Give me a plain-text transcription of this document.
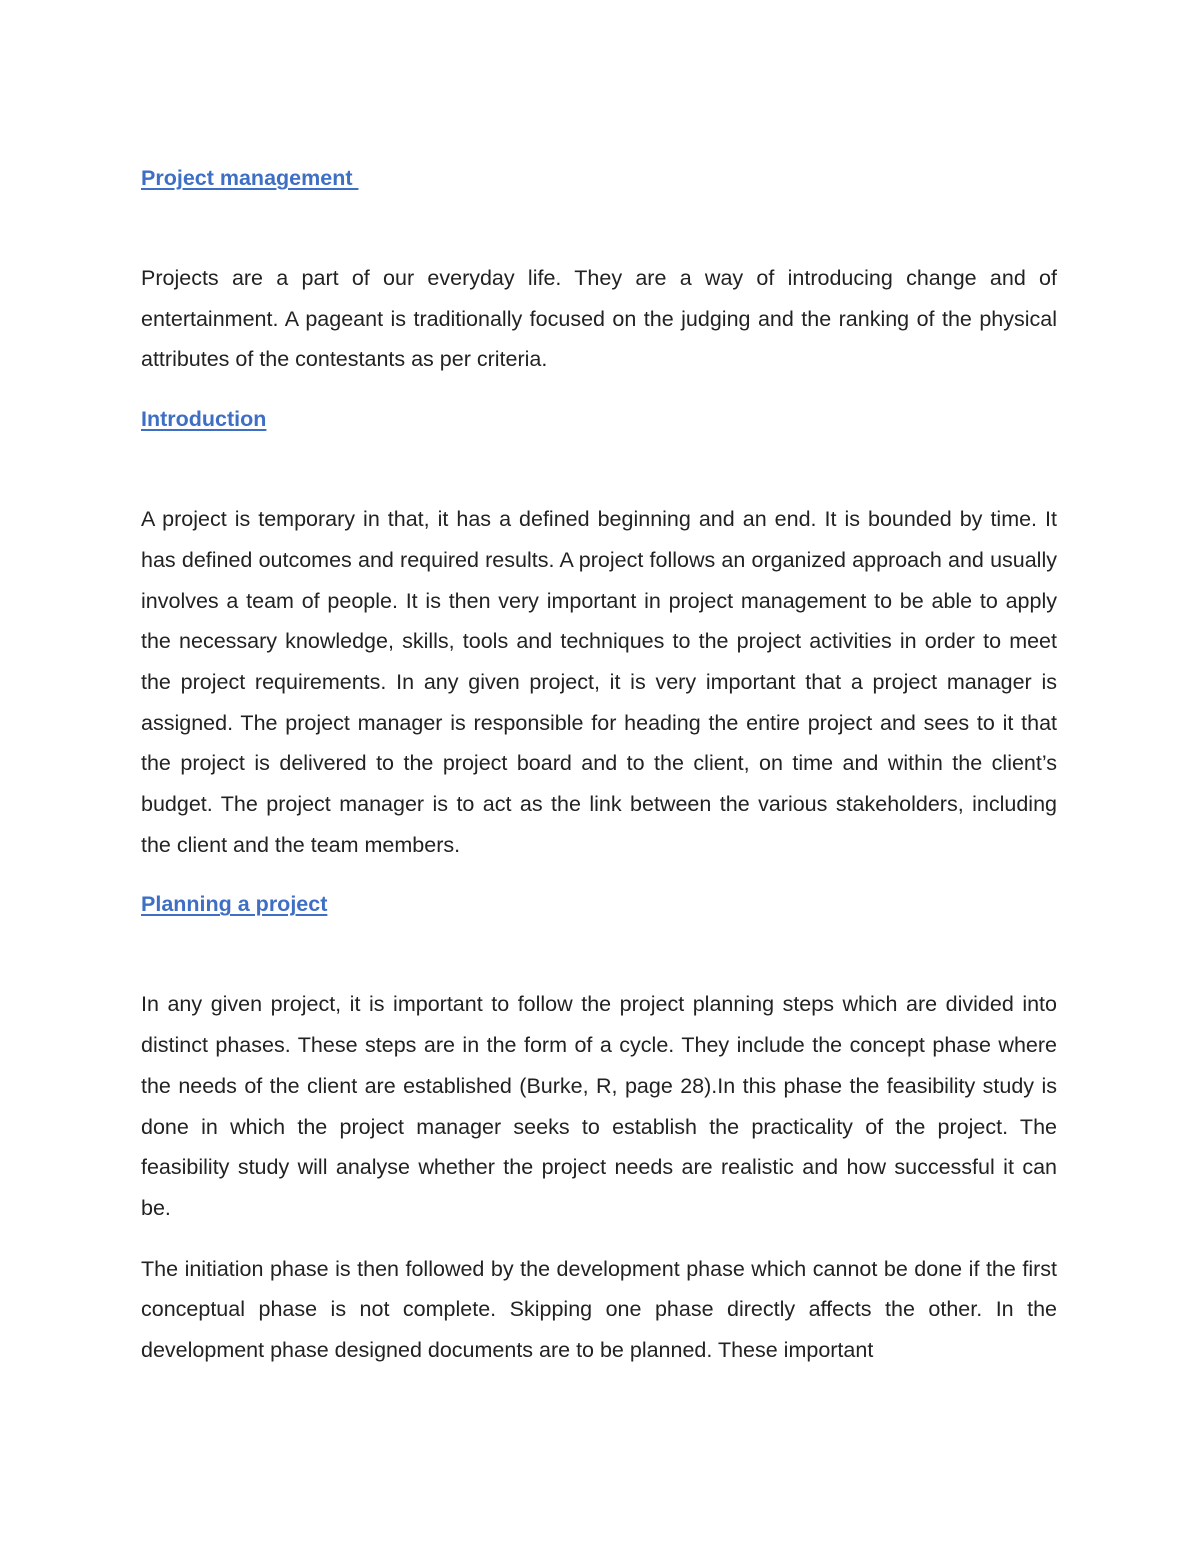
Project management

Projects are a part of our everyday life. They are a way of introducing change and of entertainment. A pageant is traditionally focused on the judging and the ranking of the physical attributes of the contestants as per criteria.

Introduction

A project is temporary in that, it has a defined beginning and an end. It is bounded by time. It has defined outcomes and required results. A project follows an organized approach and usually involves a team of people. It is then very important in project management to be able to apply the necessary knowledge, skills, tools and techniques to the project activities in order to meet the project requirements. In any given project, it is very important that a project manager is assigned. The project manager is responsible for heading the entire project and sees to it that the project is delivered to the project board and to the client, on time and within the client’s budget. The project manager is to act as the link between the various stakeholders, including the client and the team members.

Planning a project

In any given project, it is important to follow the project planning steps which are divided into distinct phases. These steps are in the form of a cycle. They include the concept phase where the needs of the client are established (Burke, R, page 28).In this phase the feasibility study is done in which the project manager seeks to establish the practicality of the project. The feasibility study will analyse whether the project needs are realistic and how successful it can be.

The initiation phase is then followed by the development phase which cannot be done if the first conceptual phase is not complete. Skipping one phase directly affects the other. In the development phase designed documents are to be planned. These important
